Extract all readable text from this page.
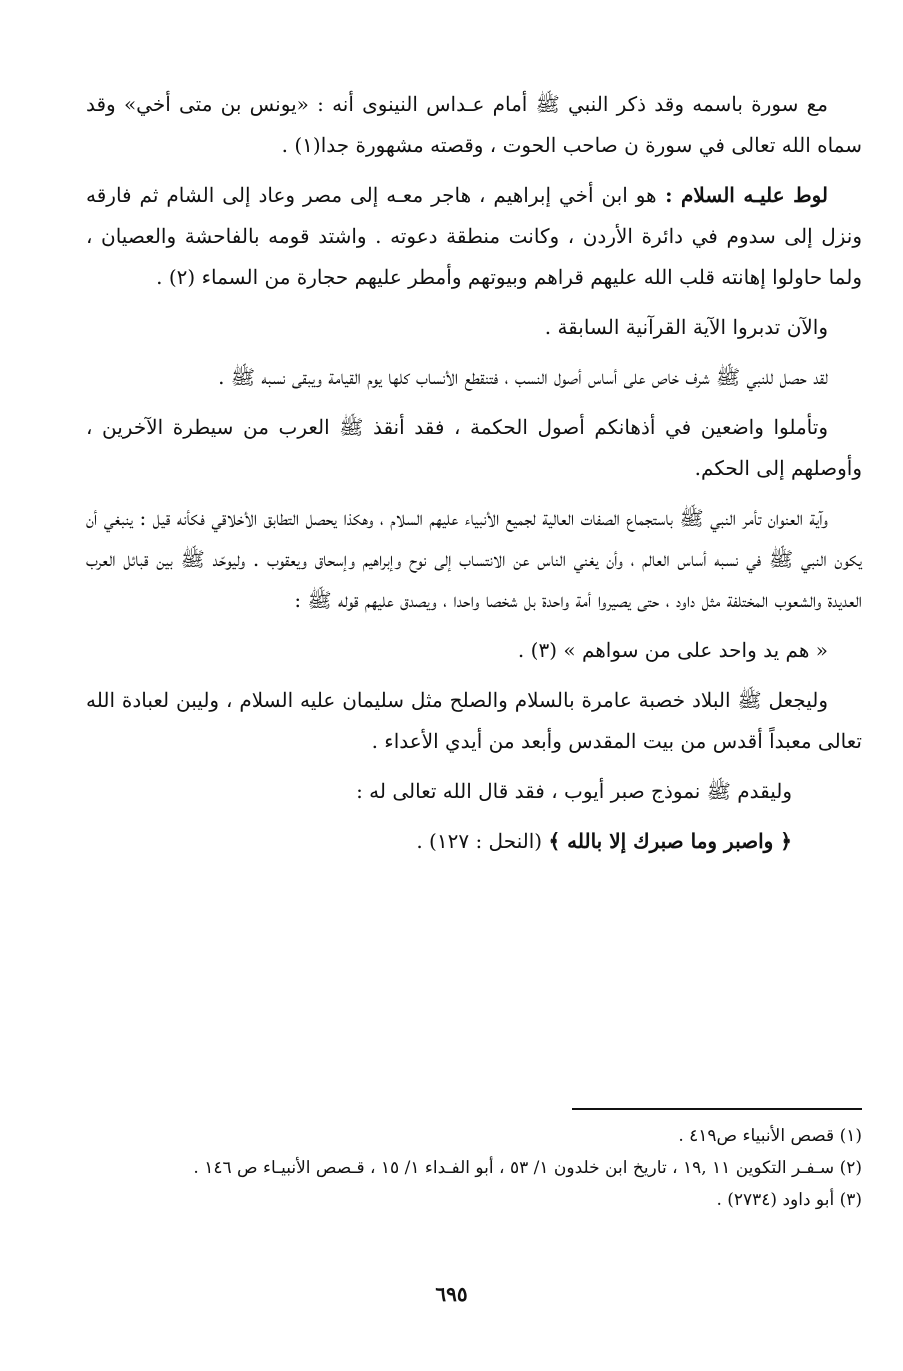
مع سورة باسمه وقد ذكر النبي ﷺ أمام عـداس النينوى أنه : «يونس بن متى أخي» وقد سماه الله تعالى في سورة ن صاحب الحوت ، وقصته مشهورة جدا(١) .

لوط عليـه السلام : هو ابن أخي إبراهيم ، هاجر معـه إلى مصر وعاد إلى الشام ثم فارقه ونزل إلى سدوم في دائرة الأردن ، وكانت منطقة دعوته . واشتد قومه بالفاحشة والعصيان ، ولما حاولوا إهانته قلب الله عليهم قراهم وبيوتهم وأمطر عليهم حجارة من السماء (٢) .

والآن تدبروا الآية القرآنية السابقة .

لقد حصل للنبي ﷺ شرف خاص على أساس أصول النسب ، فتنقطع الأنساب كلها يوم القيامة ويبقى نسبه ﷺ .

وتأملوا واضعين في أذهانكم أصول الحكمة ، فقد أنقذ ﷺ العرب من سيطرة الآخرين ، وأوصلهم إلى الحكم.

وآية العنوان تأمر النبي ﷺ باستجماع الصفات العالية لجميع الأنبياء عليهم السلام ، وهكذا يحصل التطابق الأخلاقي فكأنه قيل : ينبغي أن يكون النبي ﷺ في نسبه أساس العالم ، وأن يغني الناس عن الانتساب إلى نوح وإبراهيم وإسحاق ويعقوب . وليوحّد ﷺ بين قبائل العرب العديدة والشعوب المختلفة مثل داود ، حتى يصيروا أمة واحدة بل شخصا واحدا ، ويصدق عليهم قوله ﷺ :

« هم يد واحد على من سواهم » (٣) .

وليجعل ﷺ البلاد خصبة عامرة بالسلام والصلح مثل سليمان عليه السلام ، وليبن لعبادة الله تعالى معبداً أقدس من بيت المقدس وأبعد من أيدي الأعداء .

وليقدم ﷺ نموذج صبر أيوب ، فقد قال الله تعالى له :

﴿ واصبر وما صبرك إلا بالله ﴾ (النحل : ١٢٧) .

(١) قصص الأنبياء ص٤١٩ .

(٢) سـفـر التكوين ١١ ,١٩ ، تاريخ ابن خلدون ١/ ٥٣ ، أبو الفـداء ١/ ١٥ ، قـصص الأنبيـاء ص ١٤٦ .

(٣) أبو داود (٢٧٣٤) .

٦٩٥
